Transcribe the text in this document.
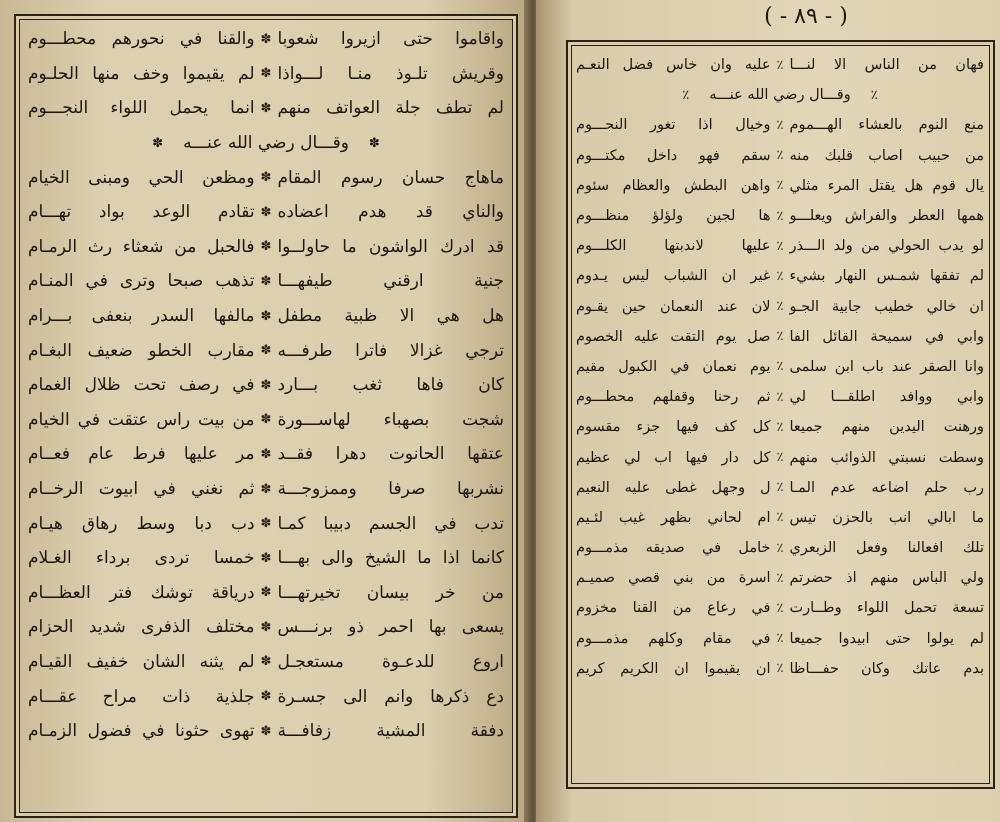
واقاموا حتى ازيروا شعوبا
✽
والقنا في نحورهم محطـــوم
وقريش تلـوذ منـا لـــواذا
✽
لم يقيموا وخف منها الحلـوم
لم تطف جلة العواتف منهم
✽
انما يحمل اللواء النجـــوم
✽
وقـــال رضي الله عنـــه
✽
ماهاج حسان رسوم المقام
✽
ومظعن الحي ومبنى الخيام
والناي قد هدم اعضاده
✽
تقادم الوعد بواد تهـــام
قد ادرك الواشون ما حاولــوا
✽
فالحبل من شعثاء رث الرمـام
جنية ارقني طيفهـــا
✽
تذهب صبحا وترى في المنـام
هل هي الا ظبية مطفل
✽
مالفها السدر بنعفى بـــرام
ترجي غزالا فاترا طرفـــه
✽
مقارب الخطو ضعيف البغـام
كان فاها ثغب بـــارد
✽
في رصف تحت ظلال الغمام
شجت بصهباء لهاســـورة
✽
من بيت راس عتقت في الخيام
عتقها الحانوت دهرا فقــد
✽
مر عليها فرط عام فعــام
نشربها صرفا وممزوجـــة
✽
ثم نغني في ابيوت الرخــام
تدب في الجسم دبيبا كمـا
✽
دب دبا وسط رهاق هيـام
كانما اذا ما الشيخ والى بهـــا
✽
خمسا تردى برداء الغـلام
من خر بيسان تخيرتهـــا
✽
درياقة توشك فتر العظـــام
يسعى بها احمر ذو برنـــس
✽
مختلف الذفرى شديد الحزام
اروع للدعـوة مستعجـل
✽
لم يثنه الشان خفيف القيـام
دع ذكرها وانم الى جسـرة
✽
جلذية ذات مراح عقـــام
دفقة المشية زفافـــة
✽
تهوى حثونا في فضول الزمـام
( - ٨٩ - )
فهان من الناس الا لنـــا
٪
عليه وان خاس فضل النعـم
٪
وقـــال رضي الله عنـــه
٪
منع النوم بالعشاء الهـــموم
٪
وخيال اذا تغور النجـــوم
من حبيب اصاب قلبك منه
٪
سقم فهو داخل مكتـــوم
يال قوم هل يقتل المرء مثلي
٪
واهن البطش والعظام سئوم
همها العطر والفراش ويعلـــو
٪
ها لجين ولؤلؤ منظـــوم
لو يدب الحولي من ولد الـــذر
٪
عليها لاندبتها الكلـــوم
لم تفقها شمـس النهار بشيء
٪
غير ان الشباب ليس يـدوم
ان خالي خطيب جابية الجـو
٪
لان عند النعمان حين يقـوم
وابي في سميحة القائل الفا
٪
صل يوم التقت عليه الخصوم
وانا الصقر عند باب ابن سلمى
٪
يوم نعمان في الكبول مقيم
وابي ووافد اطلقـــا لي
٪
ثم رحنا وقفلهم محطـــوم
ورهنت اليدين منهم جميعا
٪
كل كف فيها جزء مقسوم
وسطت نسبتي الذوائب منهم
٪
كل دار فيها اب لي عظيم
رب حلم اضاعه عدم المـا
٪
ل وجهل غطى عليه النعيم
ما ابالي انب بالحزن تيس
٪
ام لحاني بظهر غيب لئـيم
تلك افعالنا وفعل الزبعري
٪
خامل في صديقه مذمـــوم
ولي الباس منهم اذ حضرتم
٪
اسرة من بني قصي صميـم
تسعة تحمل اللواء وطــارت
٪
في رعاع من القنا مخزوم
لم يولوا حتى ابيدوا جميعا
٪
في مقام وكلهم مذمـــوم
بدم عاتك وكان حفـــاظا
٪
ان يقيموا ان الكريم كريم
